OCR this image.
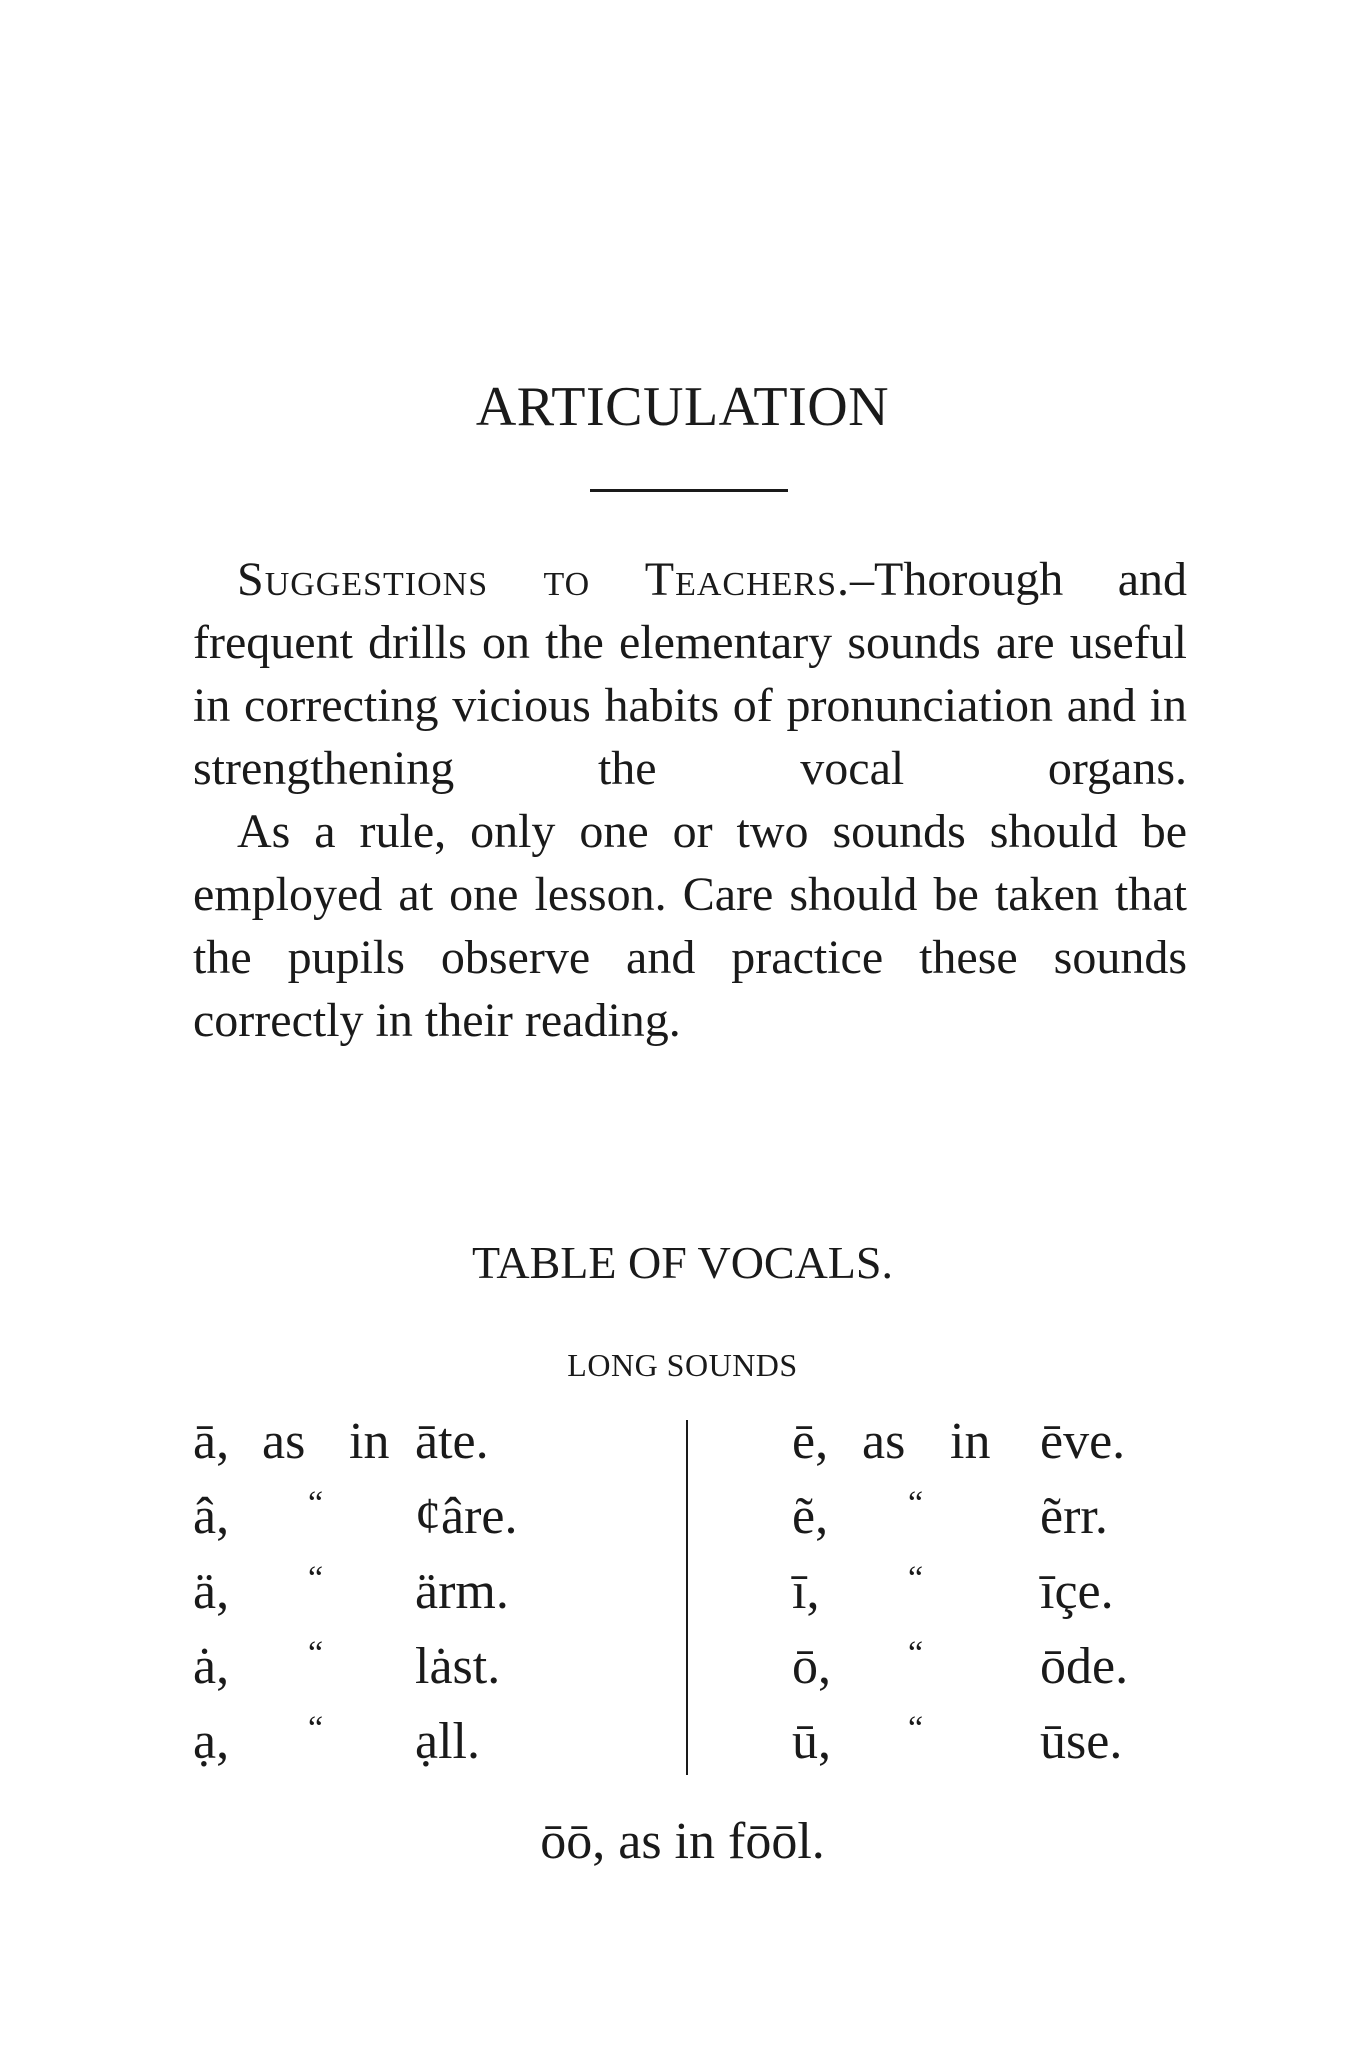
ARTICULATION

Suggestions to Teachers.–Thorough and frequent drills on the elementary sounds are useful in correcting vicious habits of pronunciation and in strengthening the vocal organs.

As a rule, only one or two sounds should be employed at one lesson. Care should be taken that the pupils observe and practice these sounds correctly in their reading.

TABLE OF VOCALS.
LONG SOUNDS
ā, as in āte.
â, “ ȼâre.
ä, “ ärm.
ȧ, “ lȧst.
ạ, “ ạll.
ē, as in ēve.
ẽ, “ ẽrr.
ī,	“ īçe.
ō, “ ōde.
ū, “ ūse.
ōō, as in fōōl.
